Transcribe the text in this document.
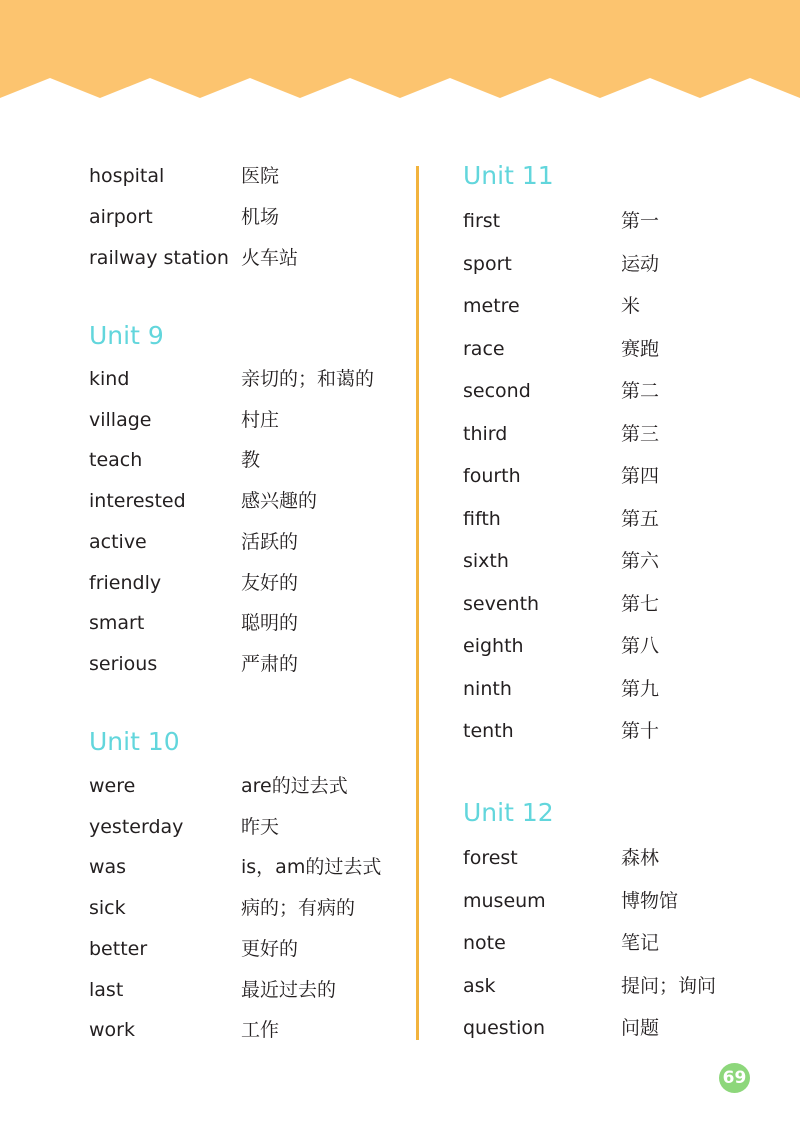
hospital	医院
airport	机场
railway station 火车站
Unit 9
kind	亲切的；和蔼的
village	村庄
teach	教
interested	感兴趣的
active	活跃的
friendly	友好的
smart	聪明的
serious	严肃的
Unit 10
were	are的过去式
yesterday	昨天
was	is，am的过去式
sick	病的；有病的
better	更好的
last	最近过去的
work	工作
Unit 11
first	第一
sport	运动
metre	米
race	赛跑
second	第二
third	第三
fourth	第四
fifth	第五
sixth	第六
seventh	第七
eighth	第八
ninth	第九
tenth	第十
Unit 12
forest	森林
museum	博物馆
note	笔记
ask	提问；询问
question	问题
69
